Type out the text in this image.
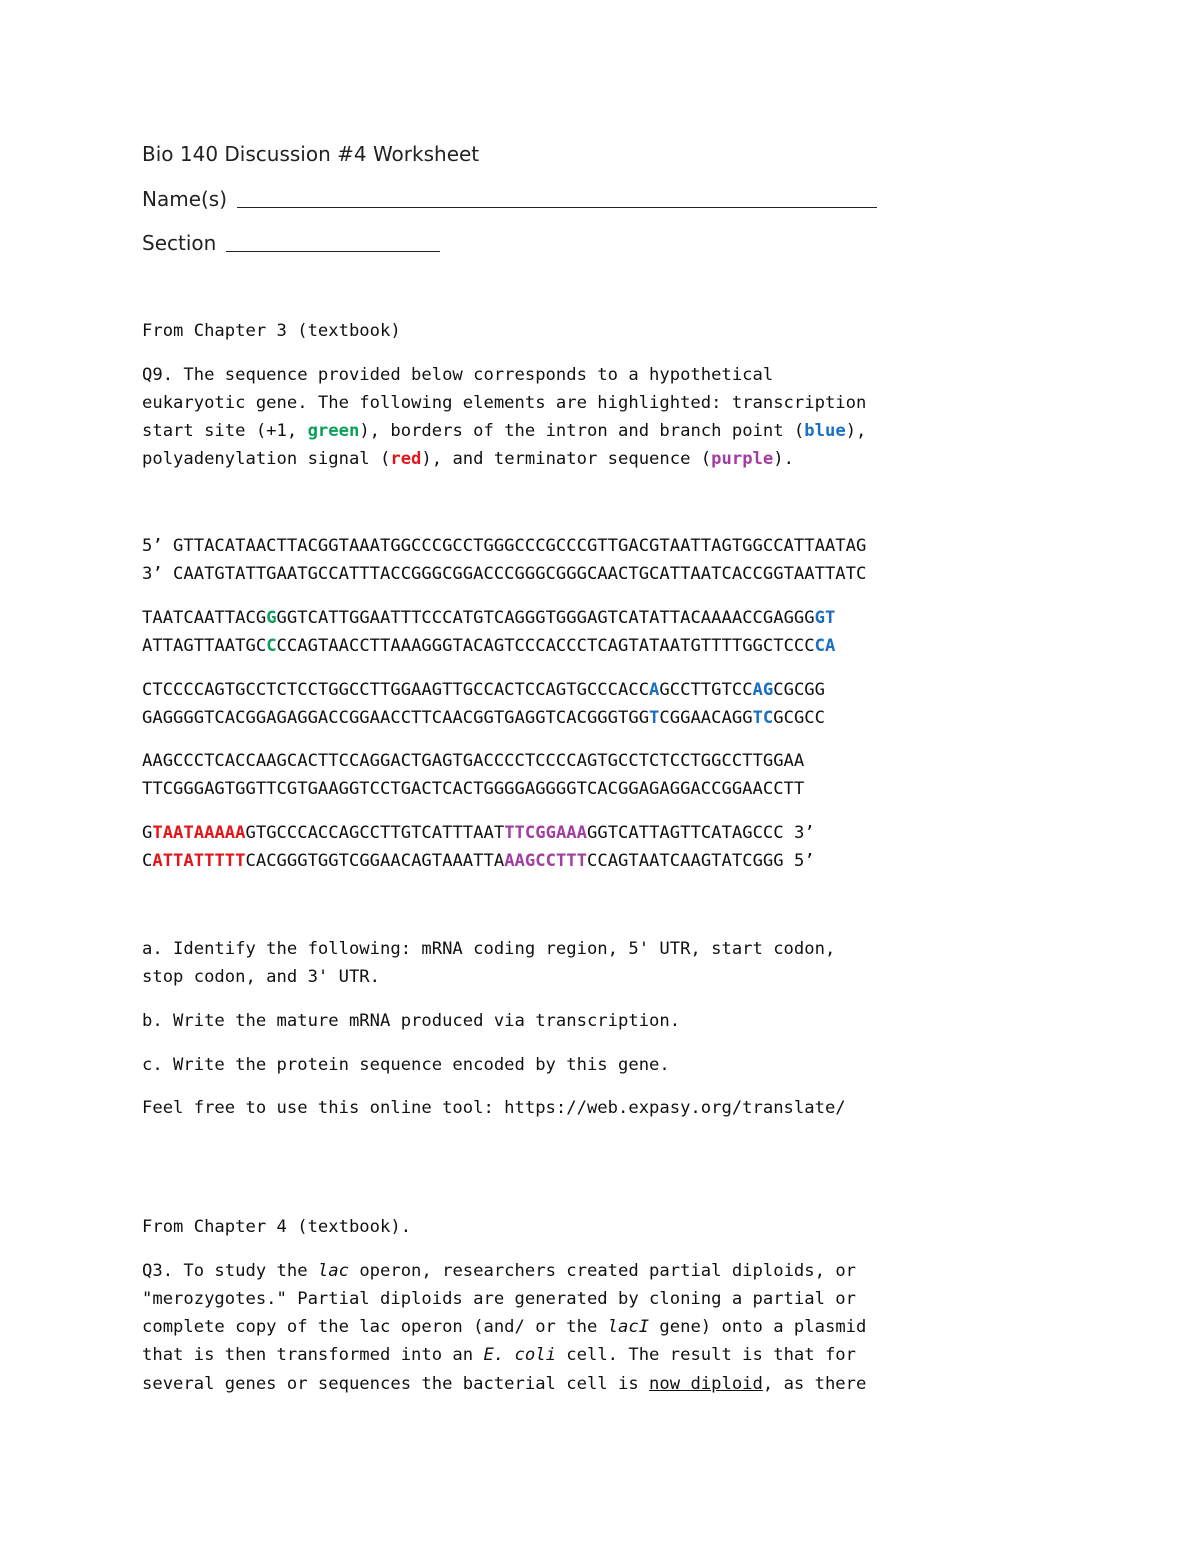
Bio 140 Discussion #4 Worksheet
Name(s)
Section
From Chapter 3 (textbook)
Q9. The sequence provided below corresponds to a hypothetical
eukaryotic gene. The following elements are highlighted: transcription
start site (+1, green), borders of the intron and branch point (blue),
polyadenylation signal (red), and terminator sequence (purple).
5’ GTTACATAACTTACGGTAAATGGCCCGCCTGGGCCCGCCCGTTGACGTAATTAGTGGCCATTAATAG
3’ CAATGTATTGAATGCCATTTACCGGGCGGACCCGGGCGGGCAACTGCATTAATCACCGGTAATTATC
TAATCAATTACGGGGTCATTGGAATTTCCCATGTCAGGGTGGGAGTCATATTACAAAACCGAGGGGT
ATTAGTTAATGCCCCAGTAACCTTAAAGGGTACAGTCCCACCCTCAGTATAATGTTTTGGCTCCCCA
CTCCCCAGTGCCTCTCCTGGCCTTGGAAGTTGCCACTCCAGTGCCCACCAGCCTTGTCCAGCGCGG
GAGGGGTCACGGAGAGGACCGGAACCTTCAACGGTGAGGTCACGGGTGGTCGGAACAGGTCGCGCC
AAGCCCTCACCAAGCACTTCCAGGACTGAGTGACCCCTCCCCAGTGCCTCTCCTGGCCTTGGAA
TTCGGGAGTGGTTCGTGAAGGTCCTGACTCACTGGGGAGGGGTCACGGAGAGGACCGGAACCTT
GTAATAAAAAGTGCCCACCAGCCTTGTCATTTAATTTCGGAAAGGTCATTAGTTCATAGCCC 3’
CATTATTTTTCACGGGTGGTCGGAACAGTAAATTAAAGCCTTTCCAGTAATCAAGTATCGGG 5’
a. Identify the following: mRNA coding region, 5' UTR, start codon,
stop codon, and 3' UTR.
b. Write the mature mRNA produced via transcription.
c. Write the protein sequence encoded by this gene.
Feel free to use this online tool: https://web.expasy.org/translate/
From Chapter 4 (textbook).
Q3. To study the lac operon, researchers created partial diploids, or
"merozygotes." Partial diploids are generated by cloning a partial or
complete copy of the lac operon (and/ or the lacI gene) onto a plasmid
that is then transformed into an E. coli cell. The result is that for
several genes or sequences the bacterial cell is now diploid, as there
